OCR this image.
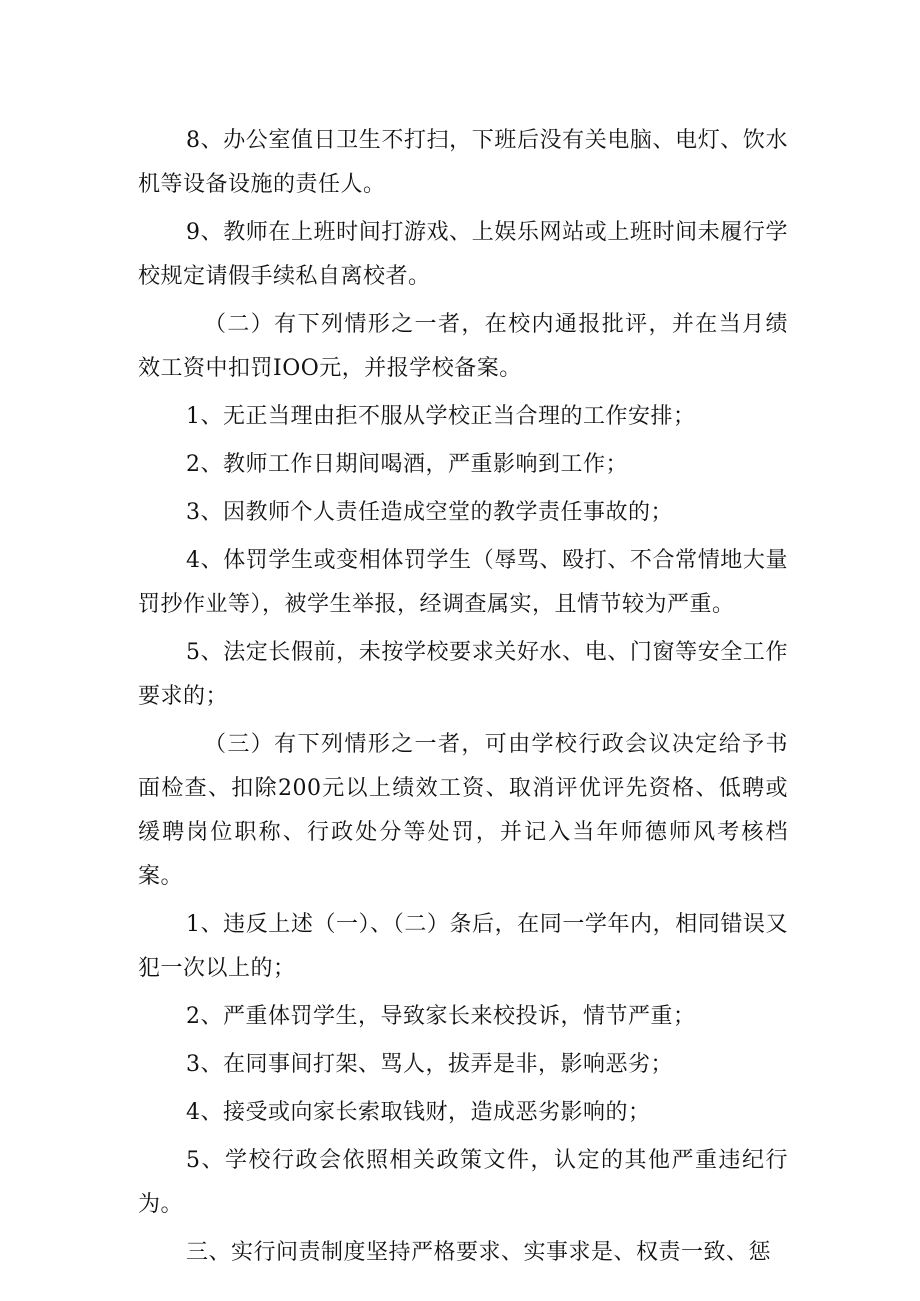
8、办公室值日卫生不打扫，下班后没有关电脑、电灯、饮水机等设备设施的责任人。

9、教师在上班时间打游戏、上娱乐网站或上班时间未履行学校规定请假手续私自离校者。

（二）有下列情形之一者，在校内通报批评，并在当月绩效工资中扣罚IOO元，并报学校备案。

1、无正当理由拒不服从学校正当合理的工作安排；

2、教师工作日期间喝酒，严重影响到工作；

3、因教师个人责任造成空堂的教学责任事故的；

4、体罚学生或变相体罚学生（辱骂、殴打、不合常情地大量罚抄作业等），被学生举报，经调查属实，且情节较为严重。

5、法定长假前，未按学校要求关好水、电、门窗等安全工作要求的；

（三）有下列情形之一者，可由学校行政会议决定给予书面检查、扣除200元以上绩效工资、取消评优评先资格、低聘或缓聘岗位职称、行政处分等处罚，并记入当年师德师风考核档案。

1、违反上述（一）、（二）条后，在同一学年内，相同错误又犯一次以上的；

2、严重体罚学生，导致家长来校投诉，情节严重；

3、在同事间打架、骂人，拔弄是非，影响恶劣；

4、接受或向家长索取钱财，造成恶劣影响的；

5、学校行政会依照相关政策文件，认定的其他严重违纪行为。

三、实行问责制度坚持严格要求、实事求是、权责一致、惩
